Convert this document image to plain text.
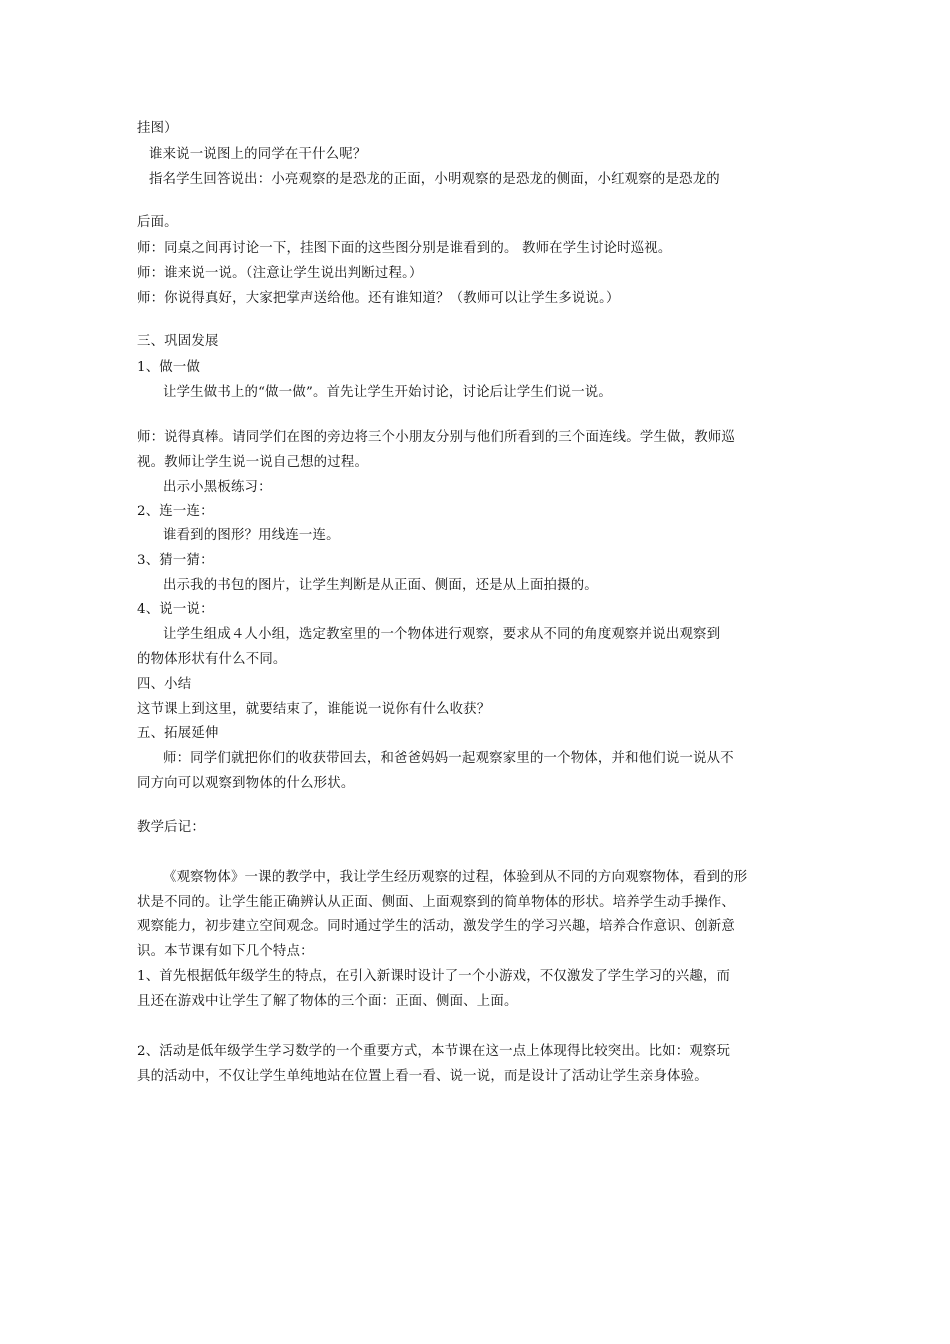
挂图）
谁来说一说图上的同学在干什么呢？
指名学生回答说出：小亮观察的是恐龙的正面，小明观察的是恐龙的侧面，小红观察的是恐龙的
后面。
师：同桌之间再讨论一下，挂图下面的这些图分别是谁看到的。 教师在学生讨论时巡视。
师：谁来说一说。（注意让学生说出判断过程。）
师：你说得真好，大家把掌声送给他。还有谁知道？（教师可以让学生多说说。）
三、巩固发展
1、做一做
让学生做书上的“做一做”。首先让学生开始讨论，讨论后让学生们说一说。
师：说得真棒。请同学们在图的旁边将三个小朋友分别与他们所看到的三个面连线。学生做，教师巡
视。教师让学生说一说自己想的过程。
出示小黑板练习：
2、连一连：
谁看到的图形？用线连一连。
3、猜一猜：
出示我的书包的图片，让学生判断是从正面、侧面，还是从上面拍摄的。
4、说一说：
让学生组成４人小组，选定教室里的一个物体进行观察，要求从不同的角度观察并说出观察到
的物体形状有什么不同。
四、小结
这节课上到这里，就要结束了，谁能说一说你有什么收获？
五、拓展延伸
师：同学们就把你们的收获带回去，和爸爸妈妈一起观察家里的一个物体，并和他们说一说从不
同方向可以观察到物体的什么形状。
教学后记：
《观察物体》一课的教学中，我让学生经历观察的过程，体验到从不同的方向观察物体，看到的形
状是不同的。让学生能正确辨认从正面、侧面、上面观察到的简单物体的形状。培养学生动手操作、
观察能力，初步建立空间观念。同时通过学生的活动，激发学生的学习兴趣，培养合作意识、创新意
识。本节课有如下几个特点：
1、首先根据低年级学生的特点，在引入新课时设计了一个小游戏，不仅激发了学生学习的兴趣，而
且还在游戏中让学生了解了物体的三个面：正面、侧面、上面。
2、活动是低年级学生学习数学的一个重要方式，本节课在这一点上体现得比较突出。比如：观察玩
具的活动中，不仅让学生单纯地站在位置上看一看、说一说，而是设计了活动让学生亲身体验。
